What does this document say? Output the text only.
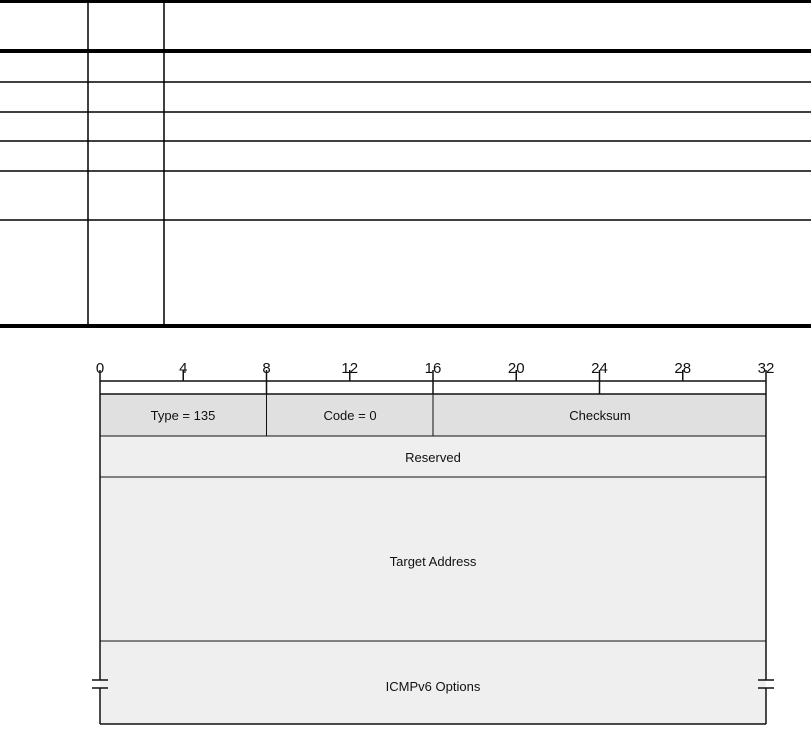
0	4	8	12	16	20	24	28	32
Type = 135	Code = 0	Checksum
Reserved
Target Address
ICMPv6 Options
